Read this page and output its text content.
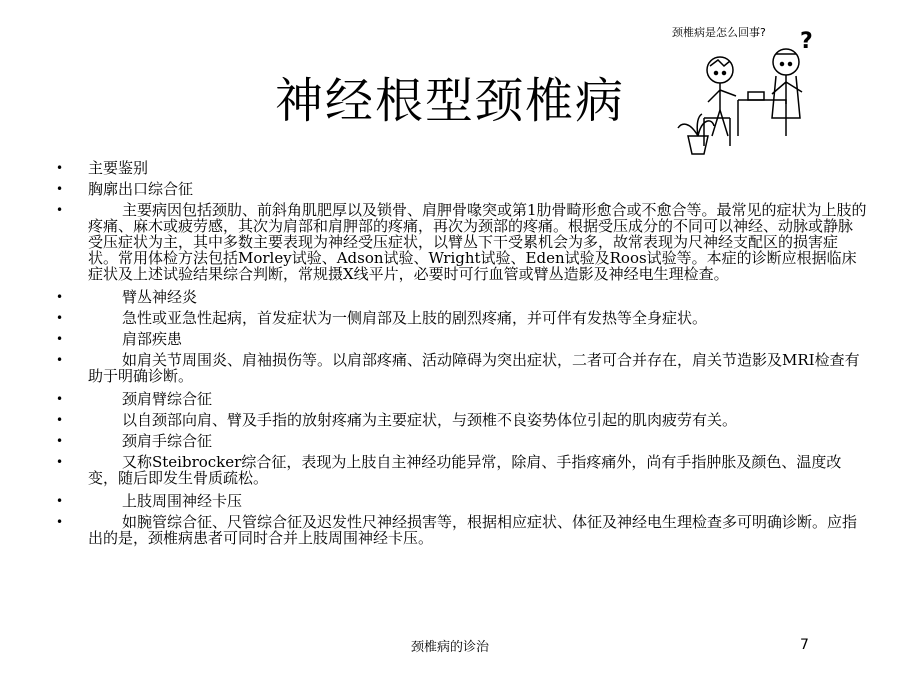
神经根型颈椎病
颈椎病是怎么回事? ?
• 主要鉴别
• 胸廓出口综合征
•	主要病因包括颈肋、前斜角肌肥厚以及锁骨、肩胛骨喙突或第1肋骨畸形愈合或不愈合等。最常见的症状为上肢的疼痛、麻木或疲劳感，其次为肩部和肩胛部的疼痛，再次为颈部的疼痛。根据受压成分的不同可以神经、动脉或静脉受压症状为主，其中多数主要表现为神经受压症状，以臂丛下干受累机会为多，故常表现为尺神经支配区的损害症状。常用体检方法包括Morley试验、Adson试验、Wright试验、Eden试验及Roos试验等。本症的诊断应根据临床症状及上述试验结果综合判断，常规摄X线平片，必要时可行血管或臂丛造影及神经电生理检查。
•	臂丛神经炎
•	急性或亚急性起病，首发症状为一侧肩部及上肢的剧烈疼痛，并可伴有发热等全身症状。
•	肩部疾患
•	如肩关节周围炎、肩袖损伤等。以肩部疼痛、活动障碍为突出症状，二者可合并存在，肩关节造影及MRI检查有助于明确诊断。
•	颈肩臂综合征
•	以自颈部向肩、臂及手指的放射疼痛为主要症状，与颈椎不良姿势体位引起的肌肉疲劳有关。
•	颈肩手综合征
•	又称Steibrocker综合征，表现为上肢自主神经功能异常，除肩、手指疼痛外，尚有手指肿胀及颜色、温度改变，随后即发生骨质疏松。
•	上肢周围神经卡压
•	如腕管综合征、尺管综合征及迟发性尺神经损害等，根据相应症状、体征及神经电生理检查多可明确诊断。应指出的是，颈椎病患者可同时合并上肢周围神经卡压。
颈椎病的诊治	7
